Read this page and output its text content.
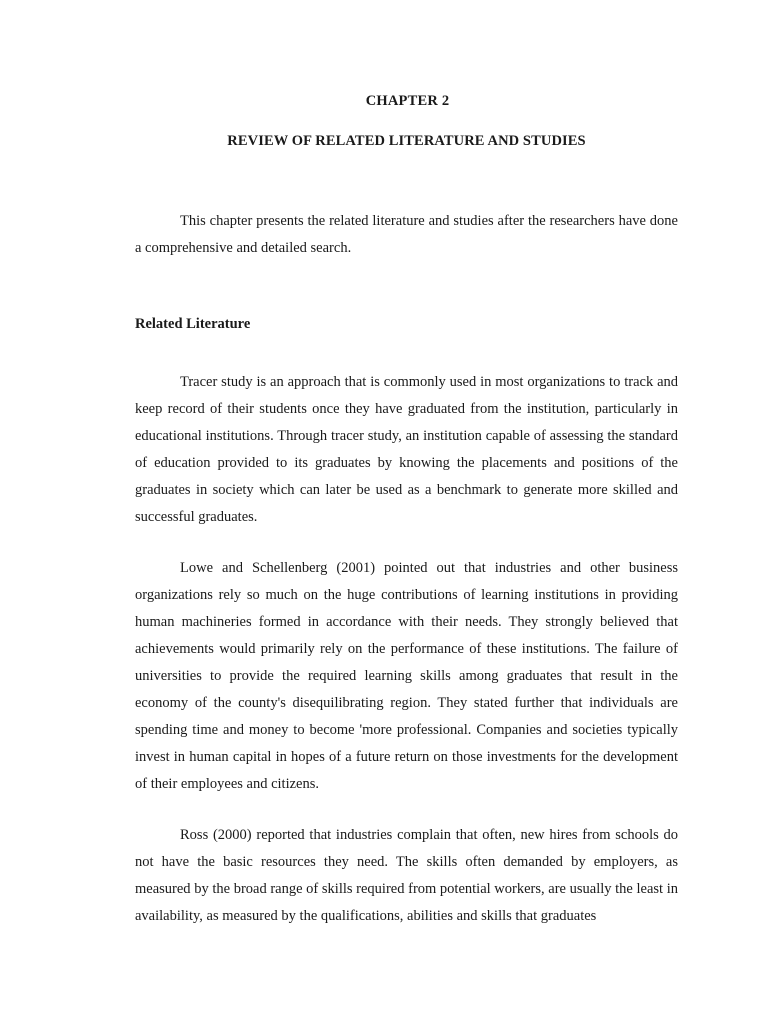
CHAPTER 2
REVIEW OF RELATED LITERATURE AND STUDIES

This chapter presents the related literature and studies after the researchers have done a comprehensive and detailed search.

Related Literature

Tracer study is an approach that is commonly used in most organizations to track and keep record of their students once they have graduated from the institution, particularly in educational institutions. Through tracer study, an institution capable of assessing the standard of education provided to its graduates by knowing the placements and positions of the graduates in society which can later be used as a benchmark to generate more skilled and successful graduates.

Lowe and Schellenberg (2001) pointed out that industries and other business organizations rely so much on the huge contributions of learning institutions in providing human machineries formed in accordance with their needs. They strongly believed that achievements would primarily rely on the performance of these institutions. The failure of universities to provide the required learning skills among graduates that result in the economy of the county's disequilibrating region. They stated further that individuals are spending time and money to become 'more professional. Companies and societies typically invest in human capital in hopes of a future return on those investments for the development of their employees and citizens.

Ross (2000) reported that industries complain that often, new hires from schools do not have the basic resources they need. The skills often demanded by employers, as measured by the broad range of skills required from potential workers, are usually the least in availability, as measured by the qualifications, abilities and skills that graduates
